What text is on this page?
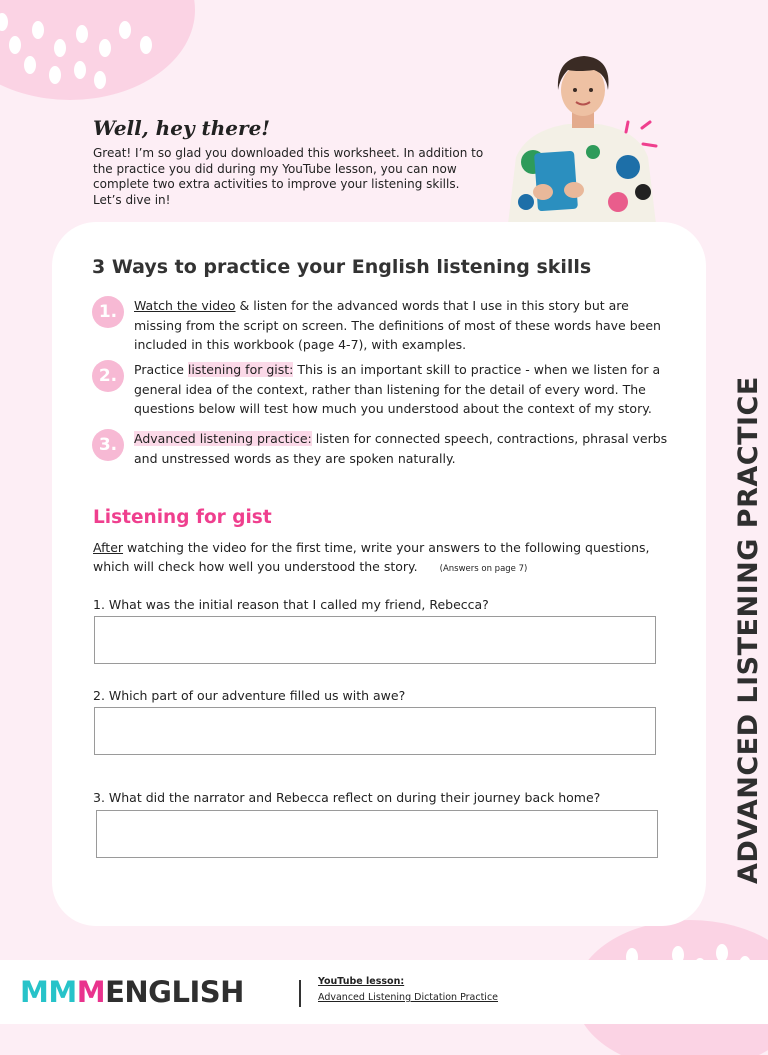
Well, hey there!
Great! I’m so glad you downloaded this worksheet. In addition to the practice you did during my YouTube lesson, you can now complete two extra activities to improve your listening skills. Let’s dive in!
3 Ways to practice your English listening skills
1.	Watch the video & listen for the advanced words that I use in this story but are missing from the script on screen. The definitions of most of these words have been included in this workbook (page 4-7), with examples.
2.	Practice listening for gist: This is an important skill to practice - when we listen for a general idea of the context, rather than listening for the detail of every word. The questions below will test how much you understood about the context of my story.
3.	Advanced listening practice: listen for connected speech, contractions, phrasal verbs and unstressed words as they are spoken naturally.
Listening for gist
After watching the video for the first time, write your answers to the following questions, which will check how well you understood the story.	(Answers on page 7)
1. What was the initial reason that I called my friend, Rebecca?
2. Which part of our adventure filled us with awe?
3. What did the narrator and Rebecca reflect on during their journey back home?	ADVANCED LISTENING PRACTICE
MMMENGLISH	YouTube lesson:
Advanced Listening Dictation Practice
